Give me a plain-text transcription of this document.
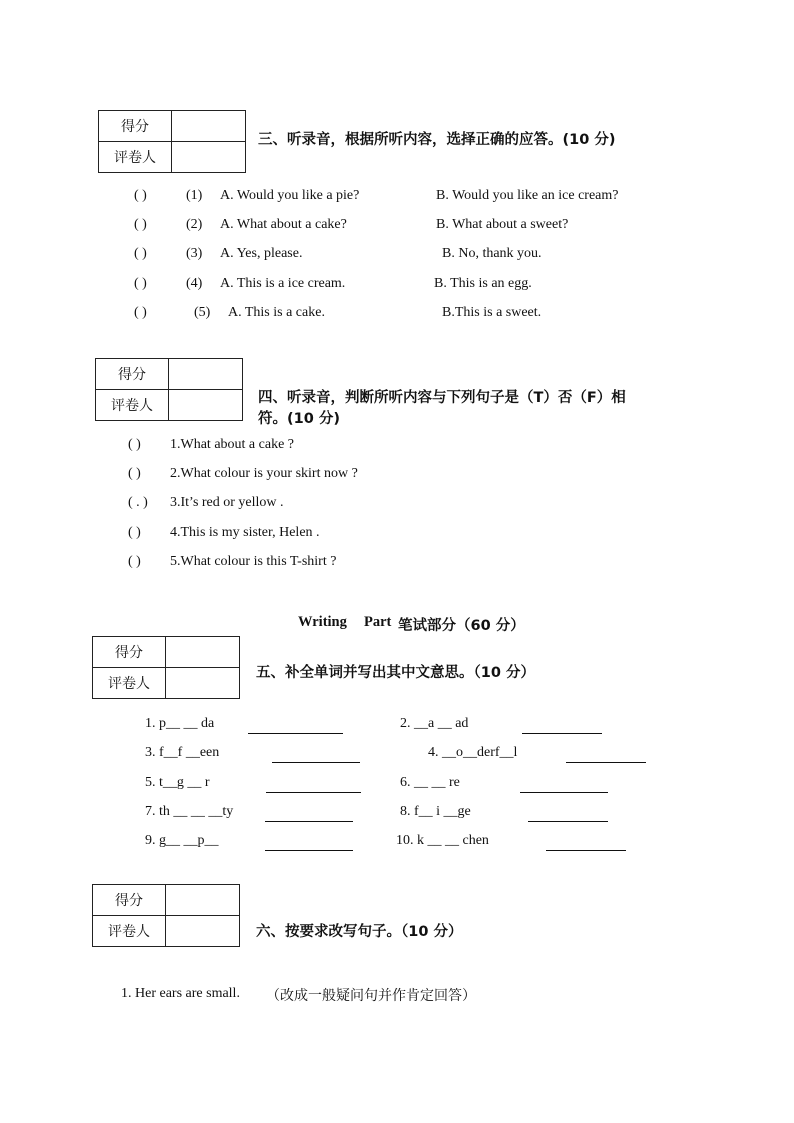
得分	
评卷人	
三、听录音，根据所听内容，选择正确的应答。(10 分)
( )	(1) A. Would you like a pie?	B. Would you like an ice cream?
( )	(2) A. What about a cake?	B. What about a sweet?
( )	(3) A. Yes, please.	B. No, thank you.
( )	(4) A. This is a ice cream.	B. This is an egg.
( )	(5) A. This is a cake.	B.This is a sweet.
得分	
评卷人		四、听录音，判断所听内容与下列句子是（T）否（F）相
符。(10 分)
( ) 1.What about a cake ?
( ) 2.What colour is your skirt now ?
( . ) 3.It’s red or yellow .
( ) 4.This is my sister, Helen .
( ) 5.What colour is this T-shirt ?
Writing Part 笔试部分（60 分）
得分	
评卷人	
五、补全单词并写出其中文意思。（10 分）
1. p__ __ da	2. __a __ ad
3. f__f __een	4. __o__derf__l
5. t__g __ r	6. __ __ re
7. th __ __ __ty	8. f__ i __ge
9. g__ __p__	10. k __ __ chen
得分	
评卷人		六、按要求改写句子。（10 分）
1. Her ears are small. （改成一般疑问句并作肯定回答）
